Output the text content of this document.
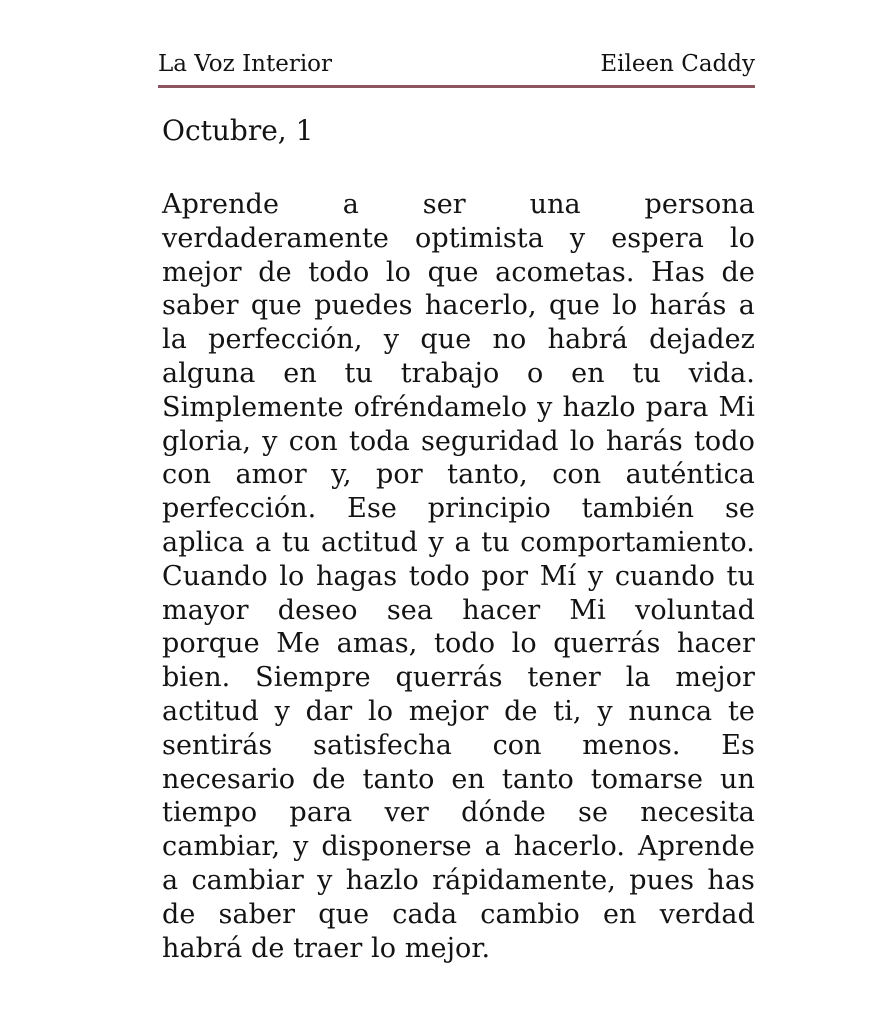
La Voz Interior	Eileen Caddy
Octubre, 1

Aprende a ser una persona verdaderamente optimista y espera lo mejor de todo lo que acometas. Has de saber que puedes hacerlo, que lo harás a la perfección, y que no habrá dejadez alguna en tu trabajo o en tu vida. Simplemente ofréndamelo y hazlo para Mi gloria, y con toda seguridad lo harás todo con amor y, por tanto, con auténtica perfección. Ese principio también se aplica a tu actitud y a tu comportamiento. Cuando lo hagas todo por Mí y cuando tu mayor deseo sea hacer Mi voluntad porque Me amas, todo lo querrás hacer bien. Siempre querrás tener la mejor actitud y dar lo mejor de ti, y nunca te sentirás satisfecha con menos. Es necesario de tanto en tanto tomarse un tiempo para ver dónde se necesita cambiar, y disponerse a hacerlo. Aprende a cambiar y hazlo rápidamente, pues has de saber que cada cambio en verdad habrá de traer lo mejor.
